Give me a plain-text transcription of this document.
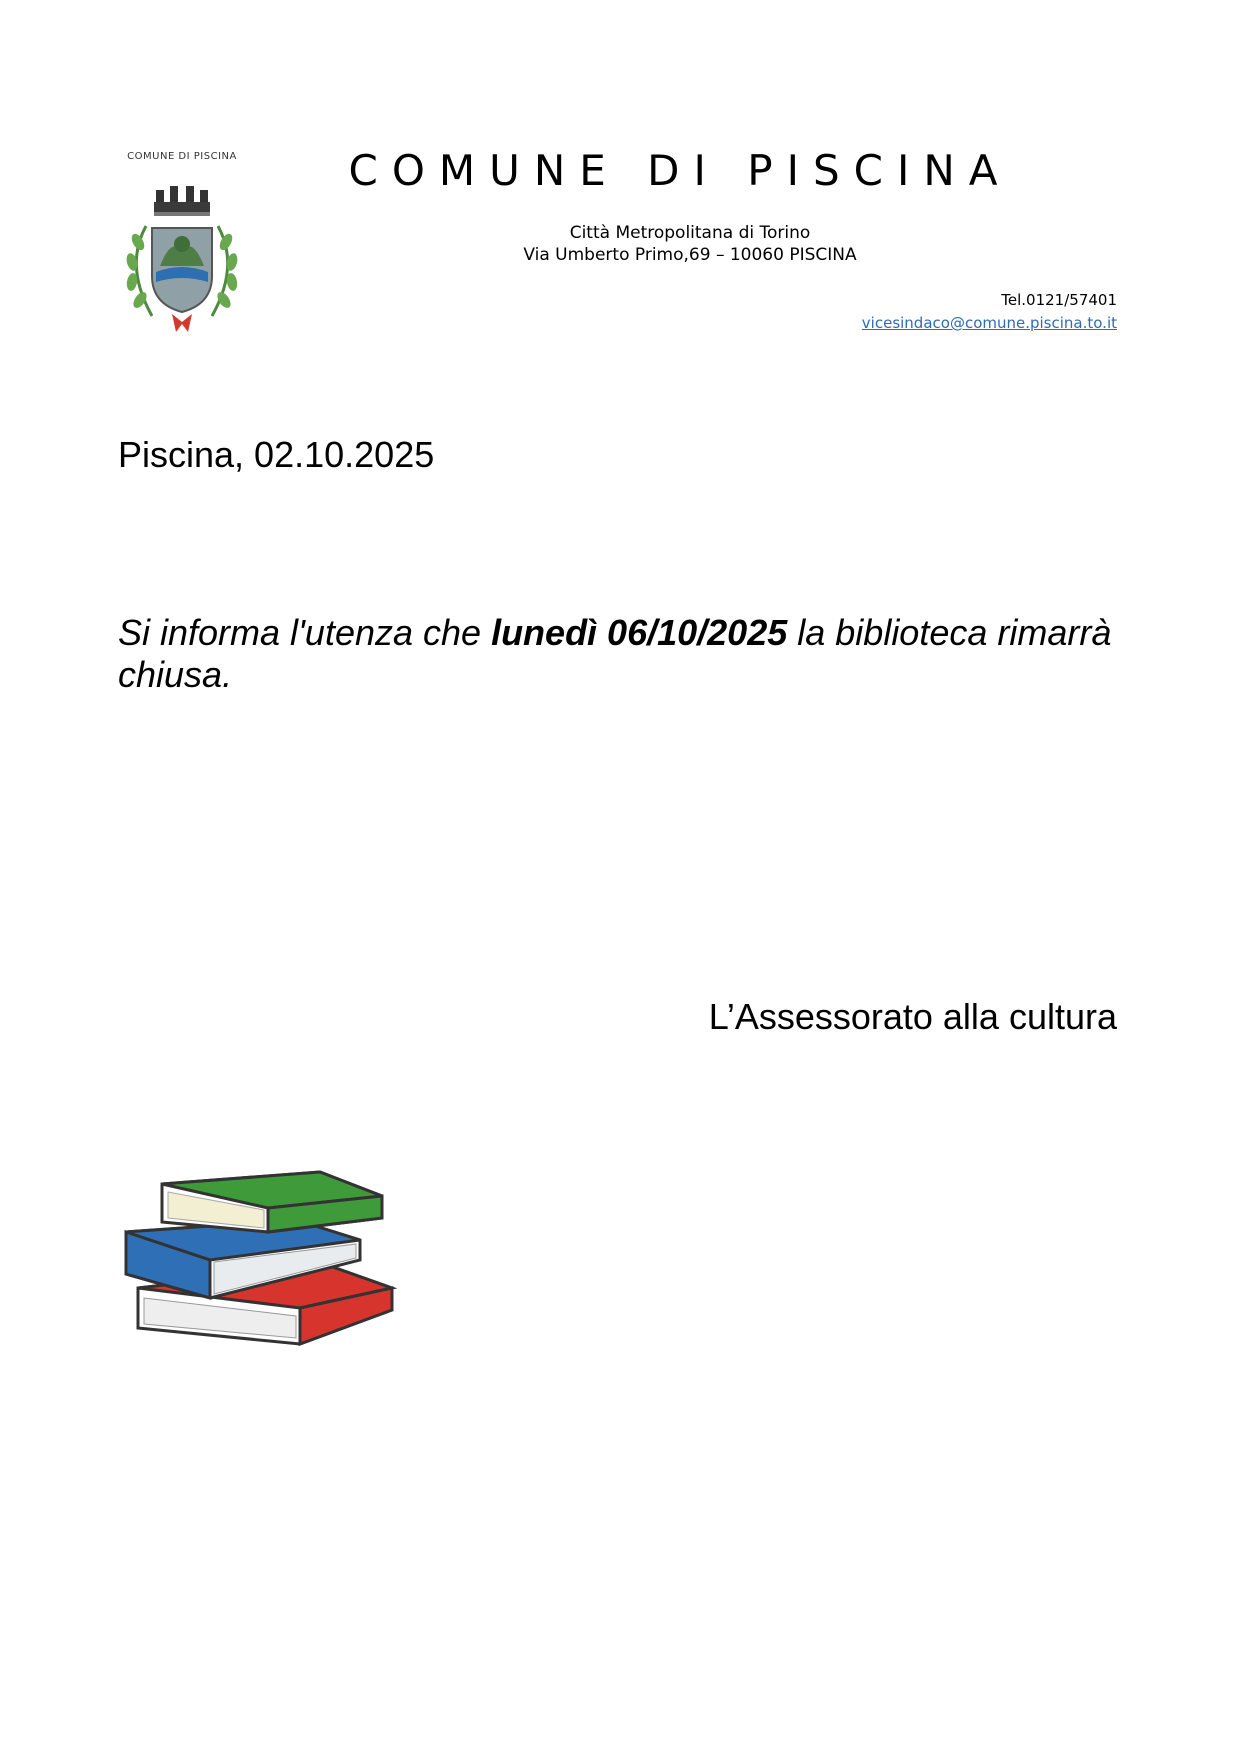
COMUNE DI PISCINA	COMUNE DI PISCINA
Città Metropolitana di Torino
Via Umberto Primo,69 – 10060 PISCINA
Tel.0121/57401
vicesindaco@comune.piscina.to.it
Piscina, 02.10.2025
Si informa l'utenza che lunedì 06/10/2025 la biblioteca rimarrà chiusa.
L’Assessorato alla cultura
